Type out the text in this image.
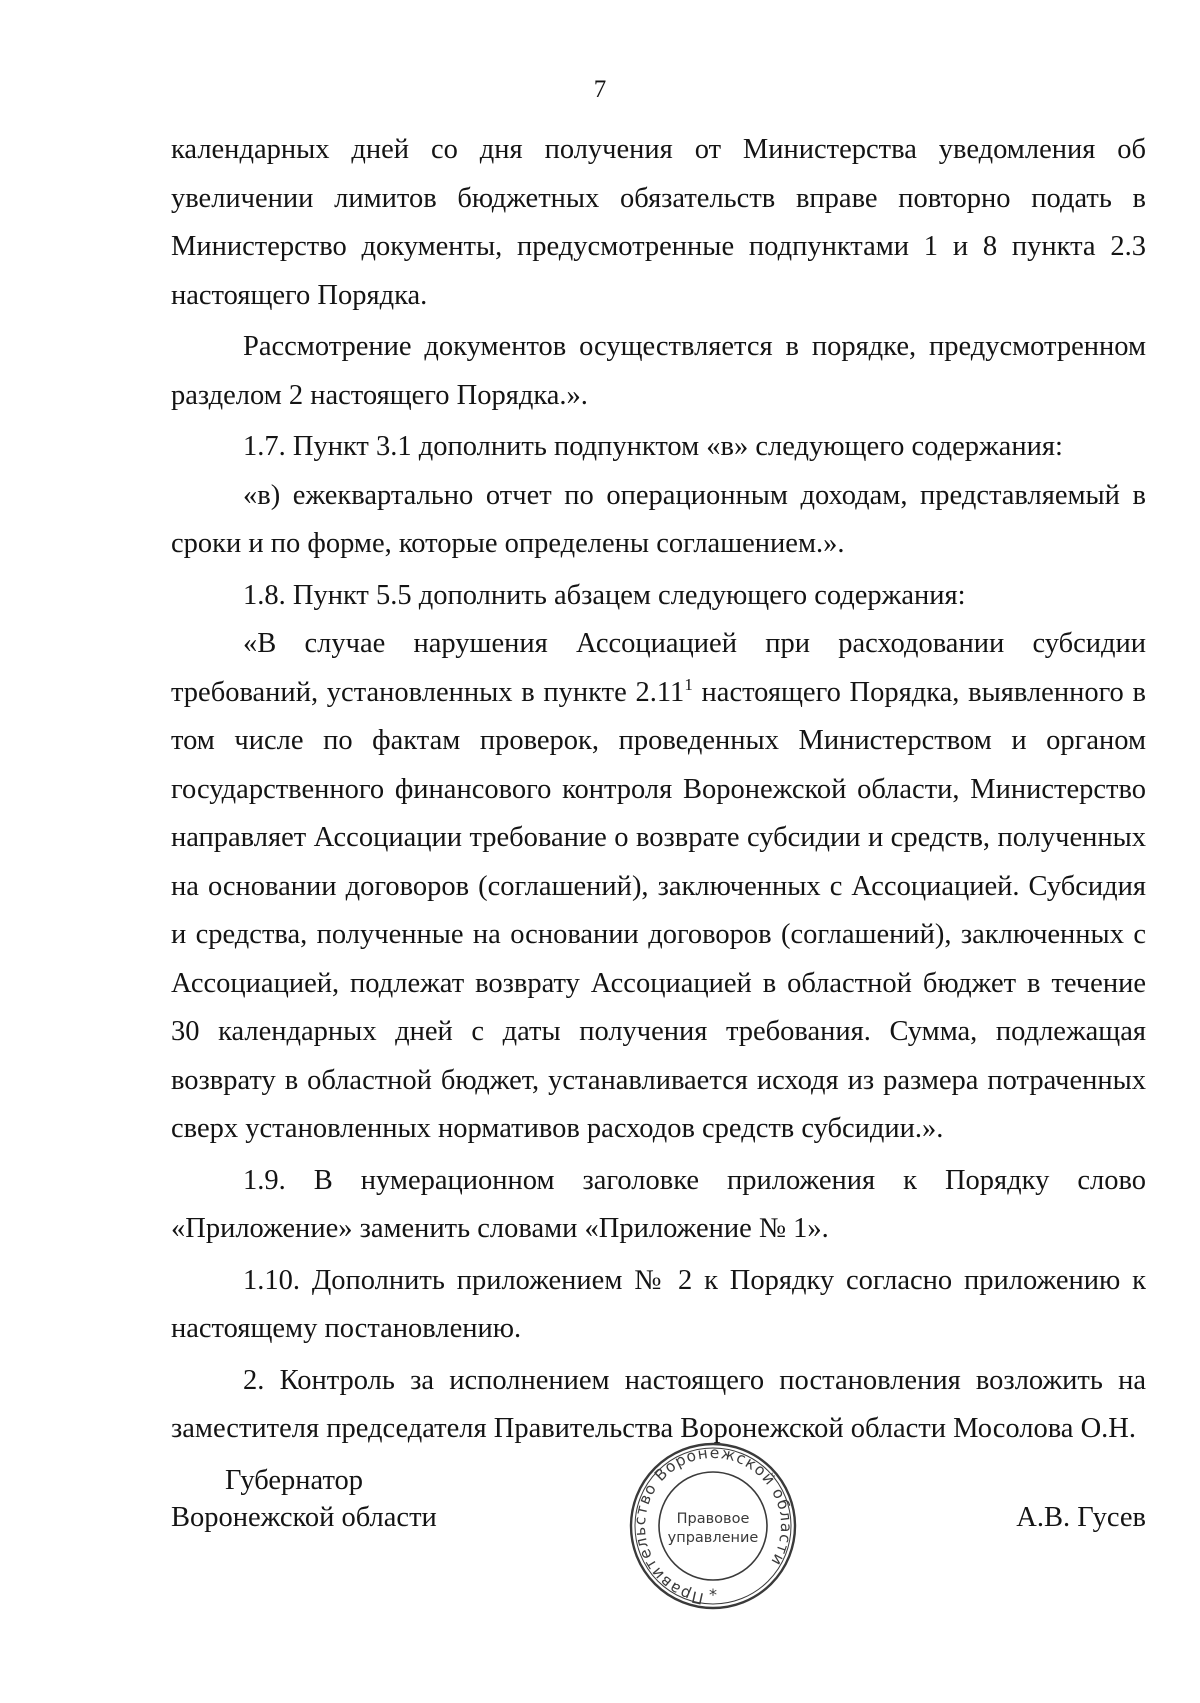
7

календарных дней со дня получения от Министерства уведомления об увеличении лимитов бюджетных обязательств вправе повторно подать в Министерство документы, предусмотренные подпунктами 1 и 8 пункта 2.3 настоящего Порядка.

Рассмотрение документов осуществляется в порядке, предусмотренном разделом 2 настоящего Порядка.».

1.7. Пункт 3.1 дополнить подпунктом «в» следующего содержания:

«в) ежеквартально отчет по операционным доходам, представляемый в сроки и по форме, которые определены соглашением.».

1.8. Пункт 5.5 дополнить абзацем следующего содержания:

«В случае нарушения Ассоциацией при расходовании субсидии требований, установленных в пункте 2.11$^1$ настоящего Порядка, выявленного в том числе по фактам проверок, проведенных Министерством и органом государственного финансового контроля Воронежской области, Министерство направляет Ассоциации требование о возврате субсидии и средств, полученных на основании договоров (соглашений), заключенных с Ассоциацией. Субсидия и средства, полученные на основании договоров (соглашений), заключенных с Ассоциацией, подлежат возврату Ассоциацией в областной бюджет в течение 30 календарных дней с даты получения требования. Сумма, подлежащая возврату в областной бюджет, устанавливается исходя из размера потраченных сверх установленных нормативов расходов средств субсидии.».

1.9. В нумерационном заголовке приложения к Порядку слово «Приложение» заменить словами «Приложение № 1».

1.10. Дополнить приложением № 2 к Порядку согласно приложению к настоящему постановлению.

2. Контроль за исполнением настоящего постановления возложить на заместителя председателя Правительства Воронежской области Мосолова О.Н.

Губернатор
Воронежской области
Правительство Воронежской области
Правовое
управление
*
А.В. Гусев
